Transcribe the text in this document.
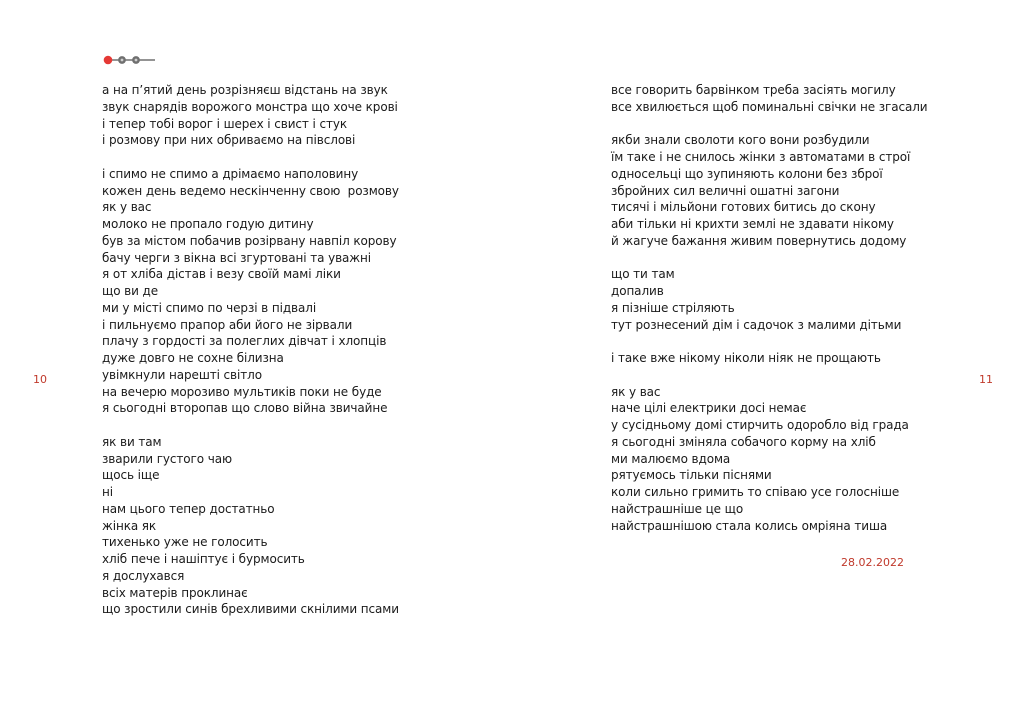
а на п’ятий день розрізняєш відстань на звук
звук снарядів ворожого монстра що хоче крові
і тепер тобі ворог і шерех і свист і стук
і розмову при них обриваємо на півслові
і спимо не спимо а дрімаємо наполовину
кожен день ведемо нескінченну свою  розмову
як у вас
молоко не пропало годую дитину
був за містом побачив розірвану навпіл корову
бачу черги з вікна всі згуртовані та уважні
я от хліба дістав і везу своїй мамі ліки
що ви де
ми у місті спимо по черзі в підвалі
і пильнуємо прапор аби його не зірвали
плачу з гордості за полеглих дівчат і хлопців
дуже довго не сохне білизна
увімкнули нарешті світло
на вечерю морозиво мультиків поки не буде
я сьогодні второпав що слово війна звичайне
як ви там
зварили густого чаю
щось іще
ні
нам цього тепер достатньо
жінка як
тихенько уже не голосить
хліб пече і нашіптує і бурмосить
я дослухався
всіх матерів проклинає
що зростили синів брехливими скнілими псами
все говорить барвінком треба засіять могилу
все хвилюється щоб поминальні свічки не згасали
якби знали сволоти кого вони розбудили
їм таке і не снилось жінки з автоматами в строї
односельці що зупиняють колони без зброї
збройних сил величні ошатні загони
тисячі і мільйони готових битись до скону
аби тільки ні крихти землі не здавати нікому
й жагуче бажання живим повернутись додому
що ти там
допалив
я пізніше стріляють
тут рознесений дім і садочок з малими дітьми
і таке вже нікому ніколи ніяк не прощають
як у вас
наче цілі електрики досі немає
у сусідньому домі стирчить одоробло від града
я сьогодні зміняла собачого корму на хліб
ми малюємо вдома
рятуємось тільки піснями
коли сильно гримить то співаю усе голосніше
найстрашніше це що
найстрашнішою стала колись омріяна тиша
10	11
28.02.2022
